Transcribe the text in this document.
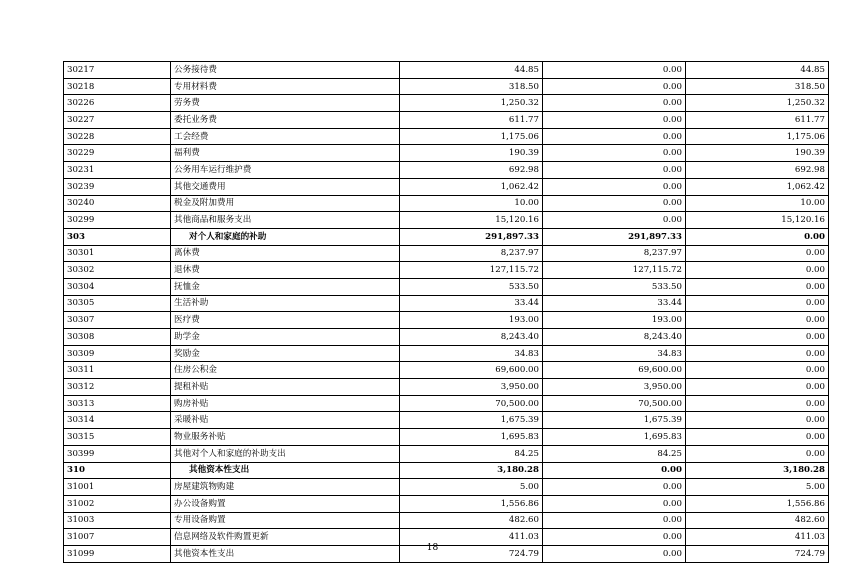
30217	公务接待费	44.85	0.00	44.85
30218	专用材料费	318.50	0.00	318.50
30226	劳务费	1,250.32	0.00	1,250.32
30227	委托业务费	611.77	0.00	611.77
30228	工会经费	1,175.06	0.00	1,175.06
30229	福利费	190.39	0.00	190.39
30231	公务用车运行维护费	692.98	0.00	692.98
30239	其他交通费用	1,062.42	0.00	1,062.42
30240	税金及附加费用	10.00	0.00	10.00
30299	其他商品和服务支出	15,120.16	0.00	15,120.16
303	对个人和家庭的补助	291,897.33	291,897.33	0.00
30301	离休费	8,237.97	8,237.97	0.00
30302	退休费	127,115.72	127,115.72	0.00
30304	抚恤金	533.50	533.50	0.00
30305	生活补助	33.44	33.44	0.00
30307	医疗费	193.00	193.00	0.00
30308	助学金	8,243.40	8,243.40	0.00
30309	奖励金	34.83	34.83	0.00
30311	住房公积金	69,600.00	69,600.00	0.00
30312	提租补贴	3,950.00	3,950.00	0.00
30313	购房补贴	70,500.00	70,500.00	0.00
30314	采暖补贴	1,675.39	1,675.39	0.00
30315	物业服务补贴	1,695.83	1,695.83	0.00
30399	其他对个人和家庭的补助支出	84.25	84.25	0.00
310	其他资本性支出	3,180.28	0.00	3,180.28
31001	房屋建筑物购建	5.00	0.00	5.00
31002	办公设备购置	1,556.86	0.00	1,556.86
31003	专用设备购置	482.60	0.00	482.60
31007	信息网络及软件购置更新	411.03	0.00	411.03
31099	其他资本性支出	724.79	0.00	724.79
18
